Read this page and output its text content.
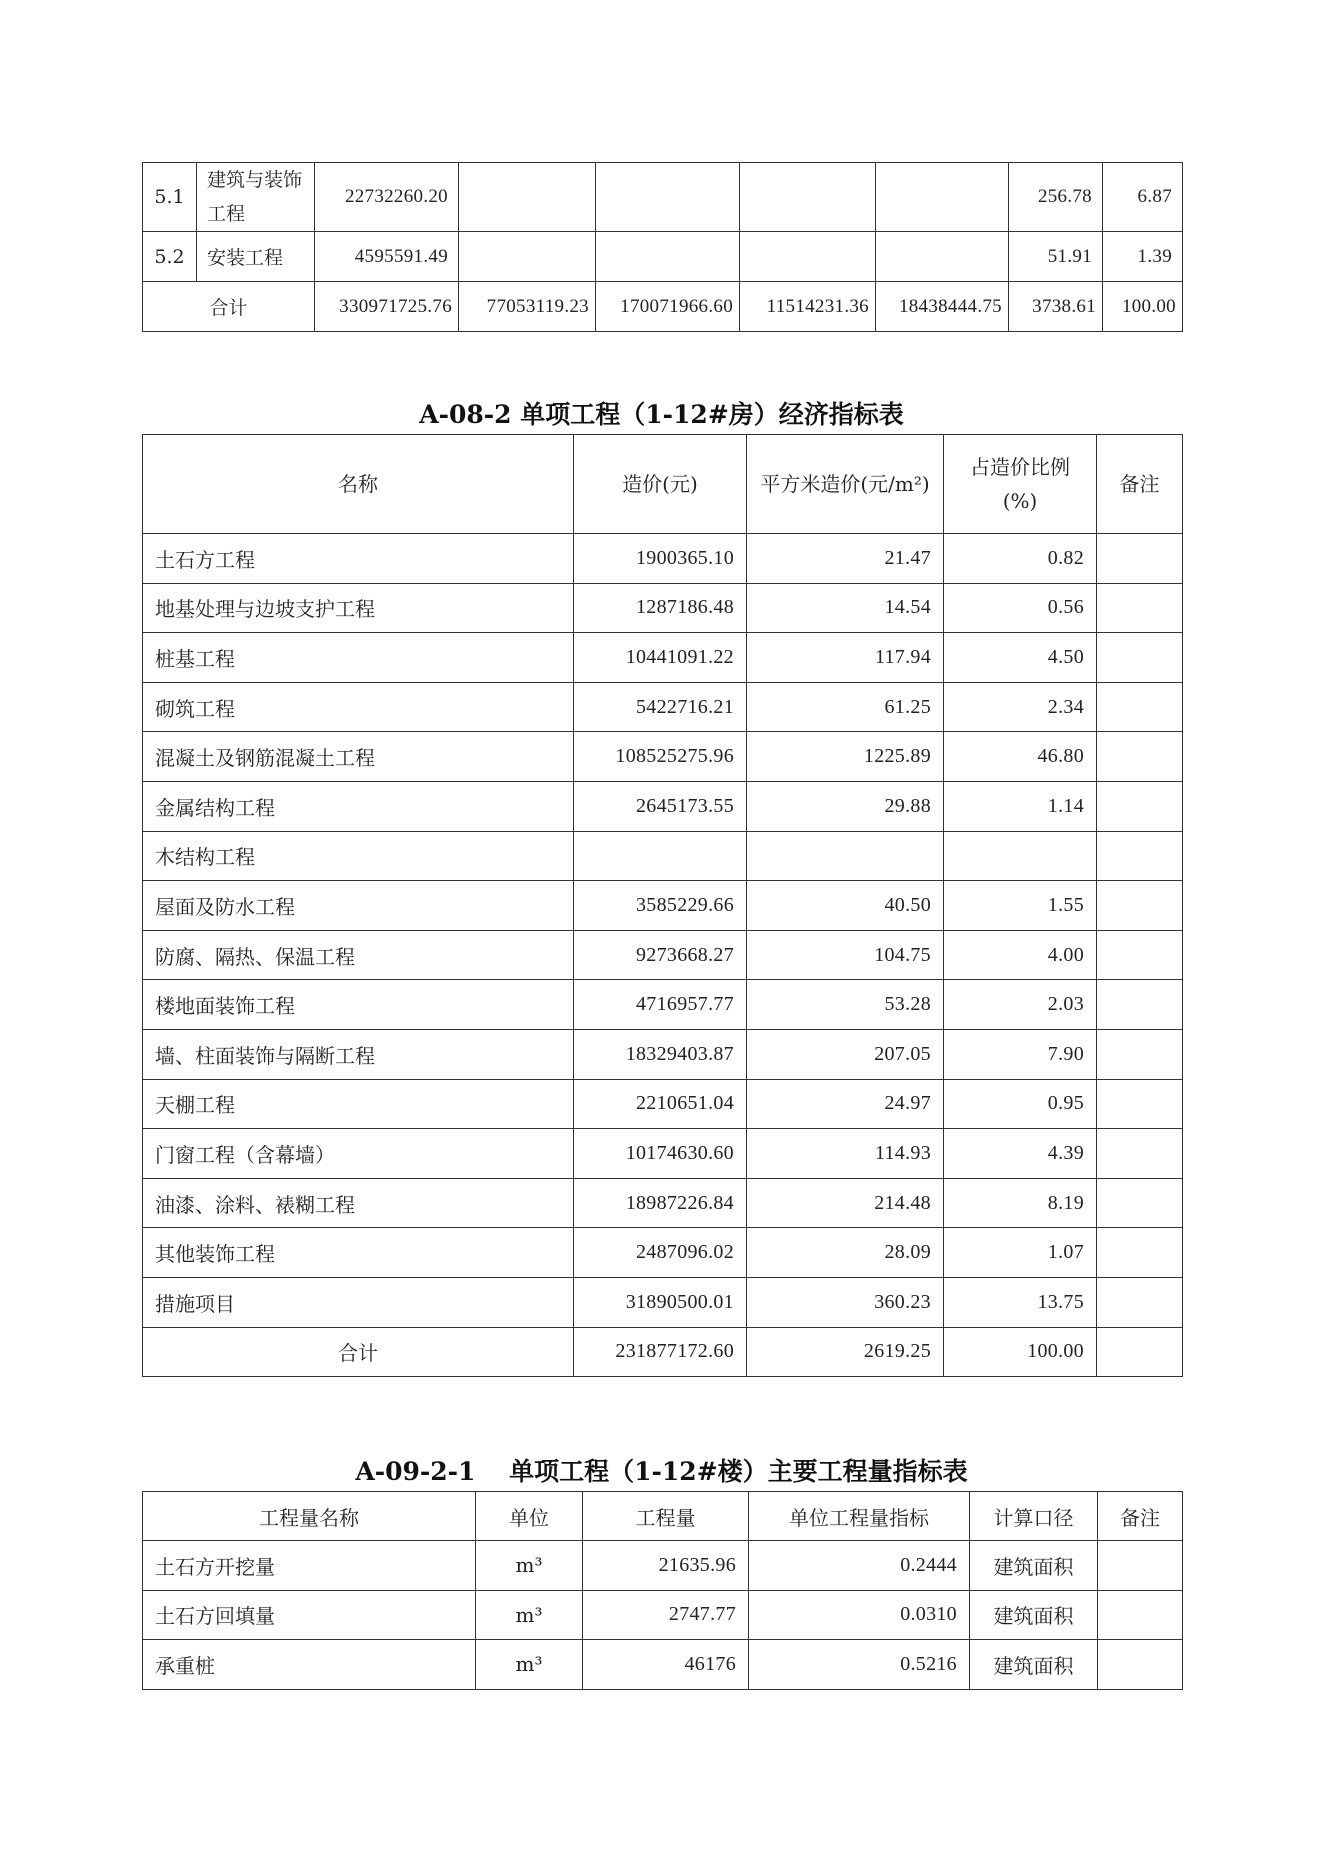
5.1	建筑与装饰工程	22732260.20					256.78	6.87
5.2	安装工程	4595591.49					51.91	1.39
合计		330971725.76	77053119.23	170071966.60	11514231.36	18438444.75	3738.61	100.00
A-08-2 单项工程（1-12#房）经济指标表
名称	造价(元)	平方米造价(元/m²)	占造价比例(%)	备注
土石方工程	1900365.10	21.47	0.82	
地基处理与边坡支护工程	1287186.48	14.54	0.56	
桩基工程	10441091.22	117.94	4.50	
砌筑工程	5422716.21	61.25	2.34	
混凝土及钢筋混凝土工程	108525275.96	1225.89	46.80	
金属结构工程	2645173.55	29.88	1.14	
木结构工程				
屋面及防水工程	3585229.66	40.50	1.55	
防腐、隔热、保温工程	9273668.27	104.75	4.00	
楼地面装饰工程	4716957.77	53.28	2.03	
墙、柱面装饰与隔断工程	18329403.87	207.05	7.90	
天棚工程	2210651.04	24.97	0.95	
门窗工程（含幕墙）	10174630.60	114.93	4.39	
油漆、涂料、裱糊工程	18987226.84	214.48	8.19	
其他装饰工程	2487096.02	28.09	1.07	
措施项目	31890500.01	360.23	13.75	
合计	231877172.60	2619.25	100.00	
A-09-2-1　 单项工程（1-12#楼）主要工程量指标表
工程量名称	单位	工程量	单位工程量指标	计算口径	备注
土石方开挖量	m³	21635.96	0.2444	建筑面积	
土石方回填量	m³	2747.77	0.0310	建筑面积	
承重桩	m³	46176	0.5216	建筑面积	
